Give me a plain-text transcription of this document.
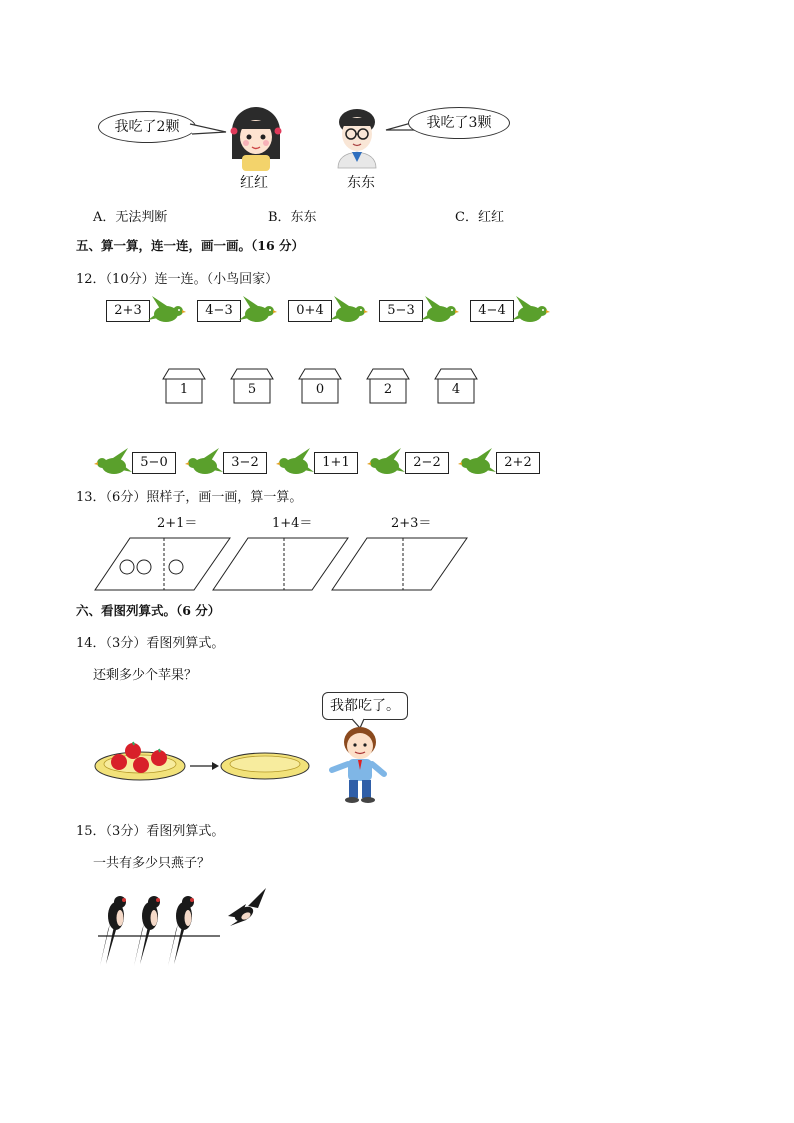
我吃了2颗
红红	东东
我吃了3颗
A．无法判断	B．东东	C．红红
五、算一算，连一连，画一画。（16 分）
12．（10分）连一连。（小鸟回家）
2+3	4−3	0+4	5−3	4−4
1	5	0	2	4
5−0	3−2	1+1	2−2	2+2
13．（6分）照样子，画一画，算一算。
2+1＝	1+4＝	2+3＝
六、看图列算式。（6 分）
14．（3分）看图列算式。
还剩多少个苹果？
我都吃了。
15．（3分）看图列算式。
一共有多少只燕子？
